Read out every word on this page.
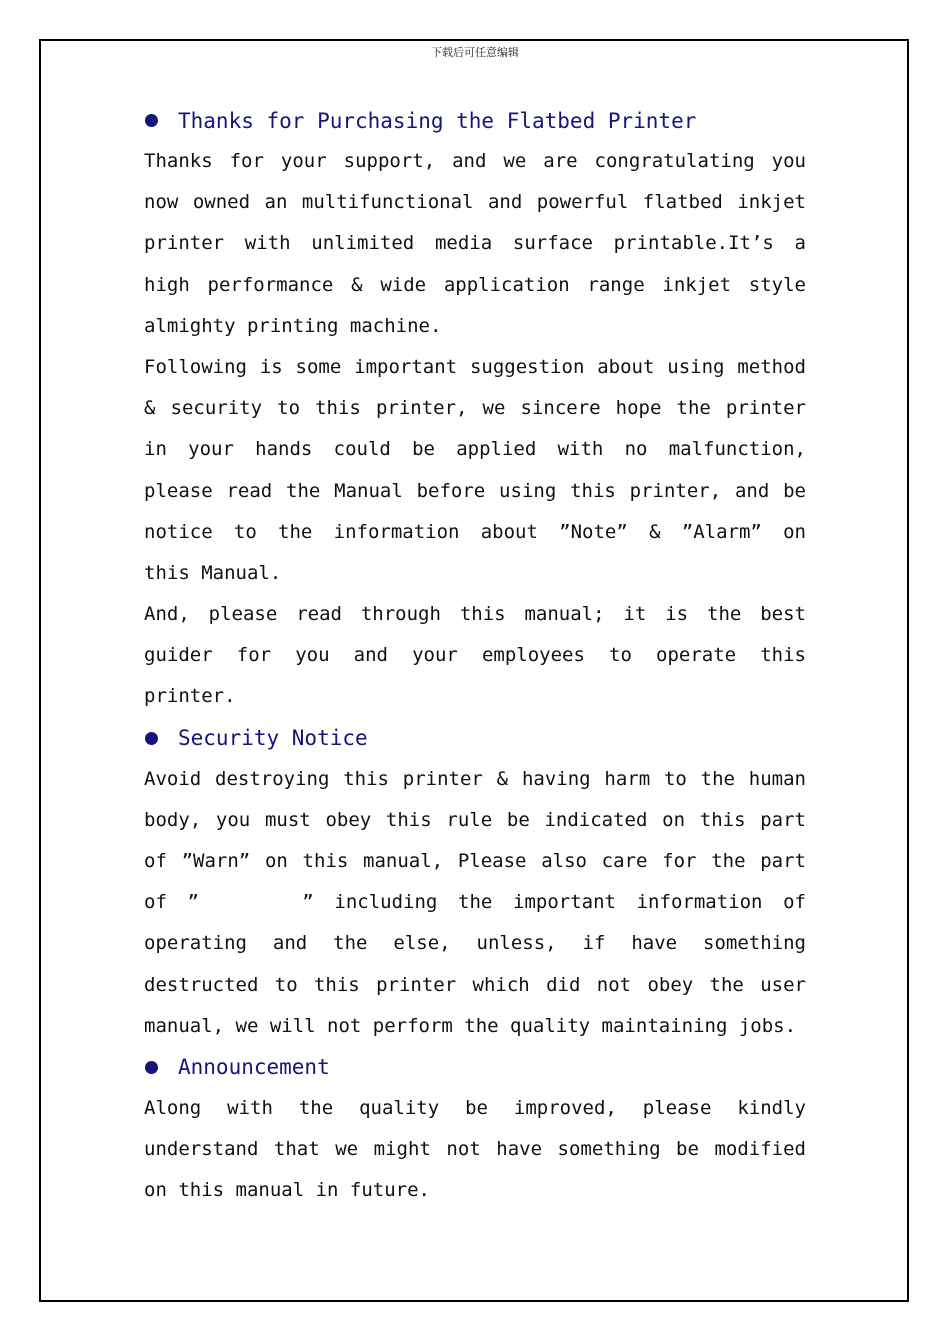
下载后可任意编辑
Thanks for Purchasing the Flatbed Printer

Thanks for your support, and we are congratulating you

now owned an multifunctional and powerful flatbed inkjet

printer with unlimited media surface printable.It’s a

high performance & wide application range inkjet style

almighty printing machine.

Following is some important suggestion about using method

& security to this printer, we sincere hope the printer

in your hands could be applied with no malfunction,

please read the Manual before using this printer, and be

notice to the information about ”Note” & ”Alarm” on

this Manual.

And, please read through this manual; it is the best

guider for you and your employees to operate this

printer.

Security Notice

Avoid destroying this printer & having harm to the human

body, you must obey this rule be indicated on this part

of ”Warn” on this manual, Please also care for the part

of ”     ” including the important information of

operating and the else, unless, if have something

destructed to this printer which did not obey the user

manual, we will not perform the quality maintaining jobs.

Announcement

Along with the quality be improved, please kindly

understand that we might not have something be modified

on this manual in future.
